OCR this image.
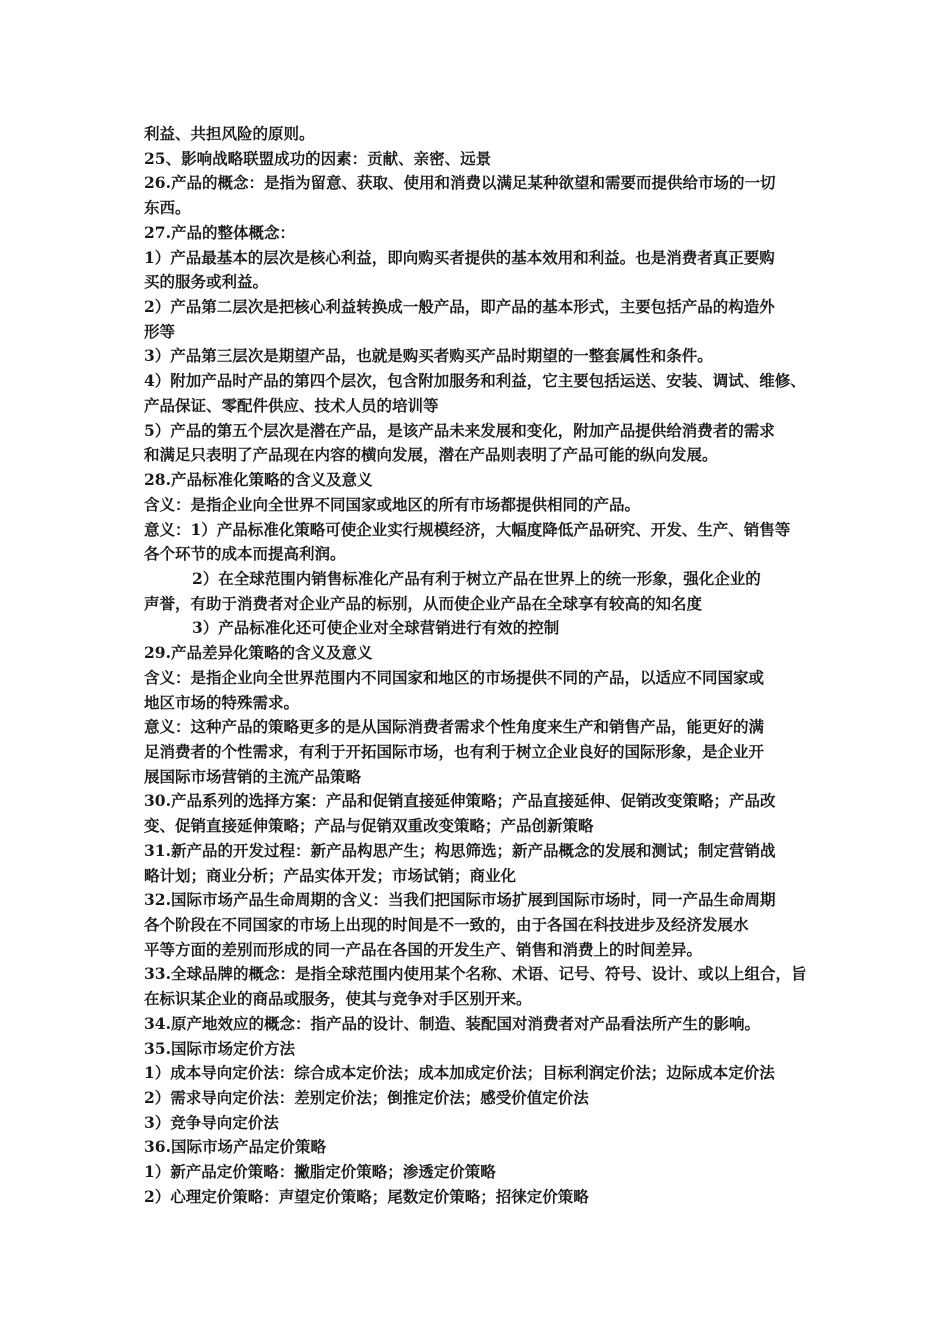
利益、共担风险的原则。
25、影响战略联盟成功的因素：贡献、亲密、远景
26.产品的概念：是指为留意、获取、使用和消费以满足某种欲望和需要而提供给市场的一切
东西。
27.产品的整体概念：
1）产品最基本的层次是核心利益，即向购买者提供的基本效用和利益。也是消费者真正要购
买的服务或利益。
2）产品第二层次是把核心利益转换成一般产品，即产品的基本形式，主要包括产品的构造外
形等
3）产品第三层次是期望产品，也就是购买者购买产品时期望的一整套属性和条件。
4）附加产品时产品的第四个层次，包含附加服务和利益，它主要包括运送、安装、调试、维修、
产品保证、零配件供应、技术人员的培训等
5）产品的第五个层次是潜在产品，是该产品未来发展和变化，附加产品提供给消费者的需求
和满足只表明了产品现在内容的横向发展，潜在产品则表明了产品可能的纵向发展。
28.产品标准化策略的含义及意义
含义：是指企业向全世界不同国家或地区的所有市场都提供相同的产品。
意义：1）产品标准化策略可使企业实行规模经济，大幅度降低产品研究、开发、生产、销售等
各个环节的成本而提高利润。
2）在全球范围内销售标准化产品有利于树立产品在世界上的统一形象，强化企业的
声誉，有助于消费者对企业产品的标别，从而使企业产品在全球享有较高的知名度
3）产品标准化还可使企业对全球营销进行有效的控制
29.产品差异化策略的含义及意义
含义：是指企业向全世界范围内不同国家和地区的市场提供不同的产品，以适应不同国家或
地区市场的特殊需求。
意义：这种产品的策略更多的是从国际消费者需求个性角度来生产和销售产品，能更好的满
足消费者的个性需求，有利于开拓国际市场，也有利于树立企业良好的国际形象，是企业开
展国际市场营销的主流产品策略
30.产品系列的选择方案：产品和促销直接延伸策略；产品直接延伸、促销改变策略；产品改
变、促销直接延伸策略；产品与促销双重改变策略；产品创新策略
31.新产品的开发过程：新产品构思产生；构思筛选；新产品概念的发展和测试；制定营销战
略计划；商业分析；产品实体开发；市场试销；商业化
32.国际市场产品生命周期的含义：当我们把国际市场扩展到国际市场时，同一产品生命周期
各个阶段在不同国家的市场上出现的时间是不一致的，由于各国在科技进步及经济发展水
平等方面的差别而形成的同一产品在各国的开发生产、销售和消费上的时间差异。
33.全球品牌的概念：是指全球范围内使用某个名称、术语、记号、符号、设计、或以上组合，旨
在标识某企业的商品或服务，使其与竞争对手区别开来。
34.原产地效应的概念：指产品的设计、制造、装配国对消费者对产品看法所产生的影响。
35.国际市场定价方法
1）成本导向定价法：综合成本定价法；成本加成定价法；目标利润定价法；边际成本定价法
2）需求导向定价法：差别定价法；倒推定价法；感受价值定价法
3）竞争导向定价法
36.国际市场产品定价策略
1）新产品定价策略：撇脂定价策略；渗透定价策略
2）心理定价策略：声望定价策略；尾数定价策略；招徕定价策略
